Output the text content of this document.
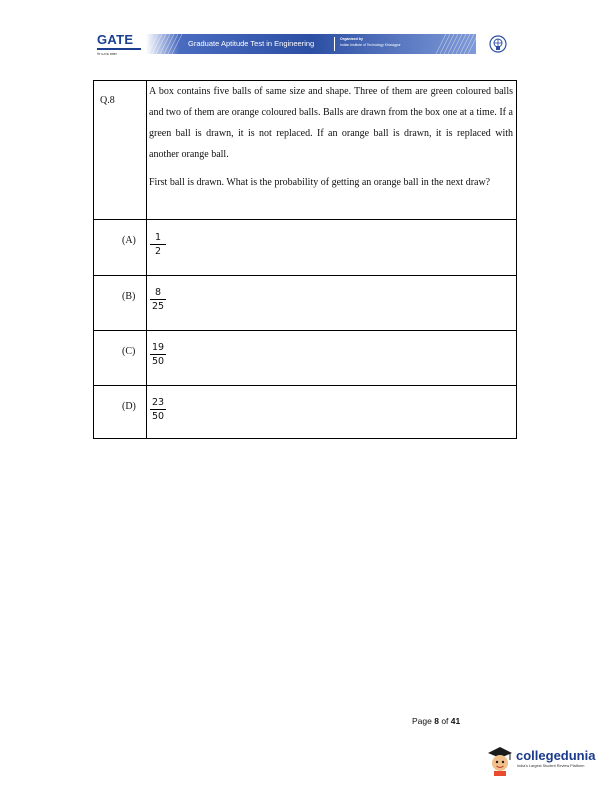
GATE
गेट GATE सबका
Graduate Aptitude Test in Engineering	Organised by
Indian Institute of Technology Kharagpur
Q.8

A box contains five balls of same size and shape. Three of them are green coloured balls and two of them are orange coloured balls. Balls are drawn from the box one at a time. If a green ball is drawn, it is not replaced. If an orange ball is drawn, it is replaced with another orange ball.

First ball is drawn. What is the probability of getting an orange ball in the next draw?

(A)	1
2
(B)	8
25
(C) 19
50
(D) 23
50
Page 8 of 41
collegedunia
India's Largest Student Review Platform
